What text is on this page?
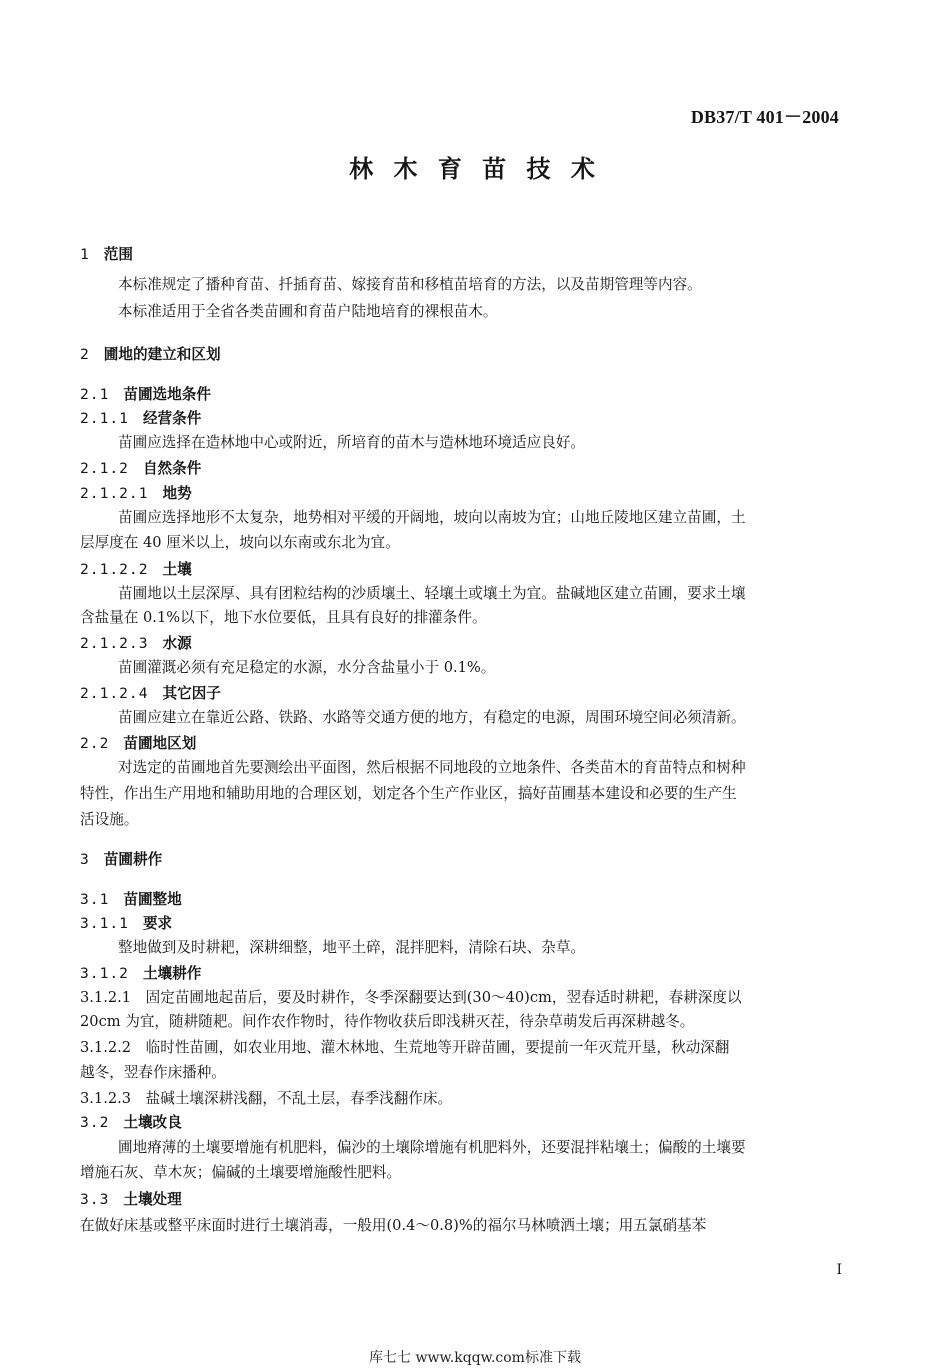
DB37/T 401－2004
林 木 育 苗 技 术
1 范围
本标准规定了播种育苗、扦插育苗、嫁接育苗和移植苗培育的方法，以及苗期管理等内容。
本标准适用于全省各类苗圃和育苗户陆地培育的裸根苗木。
2 圃地的建立和区划
2.1 苗圃选地条件
2.1.1 经营条件
苗圃应选择在造林地中心或附近，所培育的苗木与造林地环境适应良好。
2.1.2 自然条件
2.1.2.1 地势
苗圃应选择地形不太复杂，地势相对平缓的开阔地，坡向以南坡为宜；山地丘陵地区建立苗圃，土
层厚度在 40 厘米以上，坡向以东南或东北为宜。
2.1.2.2 土壤
苗圃地以土层深厚、具有团粒结构的沙质壤土、轻壤土或壤土为宜。盐碱地区建立苗圃，要求土壤
含盐量在 0.1%以下，地下水位要低，且具有良好的排灌条件。
2.1.2.3 水源
苗圃灌溉必须有充足稳定的水源，水分含盐量小于 0.1%。
2.1.2.4 其它因子
苗圃应建立在靠近公路、铁路、水路等交通方便的地方，有稳定的电源，周围环境空间必须清新。
2.2 苗圃地区划
对选定的苗圃地首先要测绘出平面图，然后根据不同地段的立地条件、各类苗木的育苗特点和树种
特性，作出生产用地和辅助用地的合理区划，划定各个生产作业区，搞好苗圃基本建设和必要的生产生
活设施。
3 苗圃耕作
3.1 苗圃整地
3.1.1 要求
整地做到及时耕耙，深耕细整，地平土碎，混拌肥料，清除石块、杂草。
3.1.2 土壤耕作
3.1.2.1　固定苗圃地起苗后，要及时耕作，冬季深翻要达到(30～40)cm，翌春适时耕耙，春耕深度以
20cm 为宜，随耕随耙。间作农作物时，待作物收获后即浅耕灭茬，待杂草萌发后再深耕越冬。
3.1.2.2　临时性苗圃，如农业用地、灌木林地、生荒地等开辟苗圃，要提前一年灭荒开垦，秋动深翻
越冬，翌春作床播种。
3.1.2.3　盐碱土壤深耕浅翻，不乱土层，春季浅翻作床。
3.2 土壤改良
圃地瘠薄的土壤要增施有机肥料，偏沙的土壤除增施有机肥料外，还要混拌粘壤土；偏酸的土壤要
增施石灰、草木灰；偏碱的土壤要增施酸性肥料。
3.3 土壤处理
在做好床基或整平床面时进行土壤消毒，一般用(0.4～0.8)%的福尔马林喷洒土壤；用五氯硝基苯
I
库七七 www.kqqw.com标准下载
